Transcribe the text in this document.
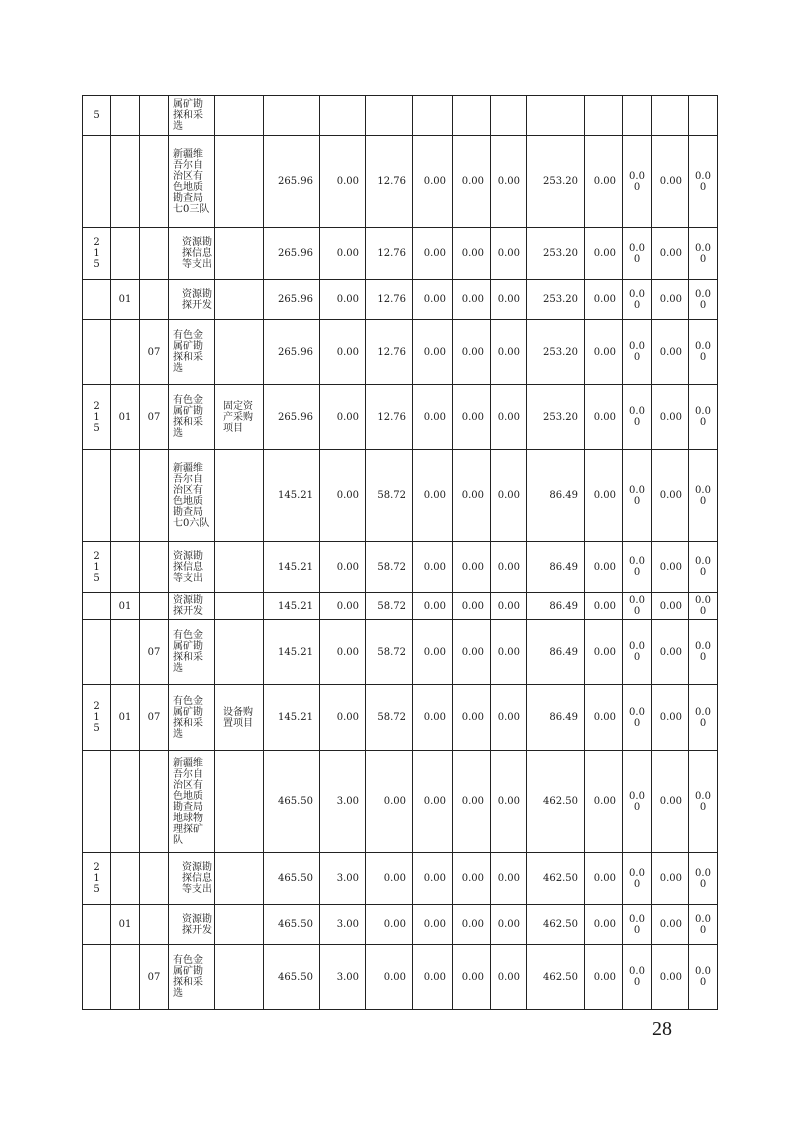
5			属矿勘探和采选												
			新疆维吾尔自治区有色地质勘查局七0三队		265.96	0.00	12.76	0.00	0.00	0.00	253.20	0.00	0.00	0.00	0.00
215			资源勘探信息等支出		265.96	0.00	12.76	0.00	0.00	0.00	253.20	0.00	0.00	0.00	0.00
	01		资源勘探开发		265.96	0.00	12.76	0.00	0.00	0.00	253.20	0.00	0.00	0.00	0.00
		07	有色金属矿勘探和采选		265.96	0.00	12.76	0.00	0.00	0.00	253.20	0.00	0.00	0.00	0.00
215	01	07	有色金属矿勘探和采选	固定资产采购项目	265.96	0.00	12.76	0.00	0.00	0.00	253.20	0.00	0.00	0.00	0.00
			新疆维吾尔自治区有色地质勘查局七0六队		145.21	0.00	58.72	0.00	0.00	0.00	86.49	0.00	0.00	0.00	0.00
215			资源勘探信息等支出		145.21	0.00	58.72	0.00	0.00	0.00	86.49	0.00	0.00	0.00	0.00
	01		资源勘探开发		145.21	0.00	58.72	0.00	0.00	0.00	86.49	0.00	0.00	0.00	0.00
		07	有色金属矿勘探和采选		145.21	0.00	58.72	0.00	0.00	0.00	86.49	0.00	0.00	0.00	0.00
215	01	07	有色金属矿勘探和采选	设备购置项目	145.21	0.00	58.72	0.00	0.00	0.00	86.49	0.00	0.00	0.00	0.00
			新疆维吾尔自治区有色地质勘查局地球物理探矿队		465.50	3.00	0.00	0.00	0.00	0.00	462.50	0.00	0.00	0.00	0.00
215			资源勘探信息等支出		465.50	3.00	0.00	0.00	0.00	0.00	462.50	0.00	0.00	0.00	0.00
	01		资源勘探开发		465.50	3.00	0.00	0.00	0.00	0.00	462.50	0.00	0.00	0.00	0.00
		07	有色金属矿勘探和采选		465.50	3.00	0.00	0.00	0.00	0.00	462.50	0.00	0.00	0.00	0.00
28
